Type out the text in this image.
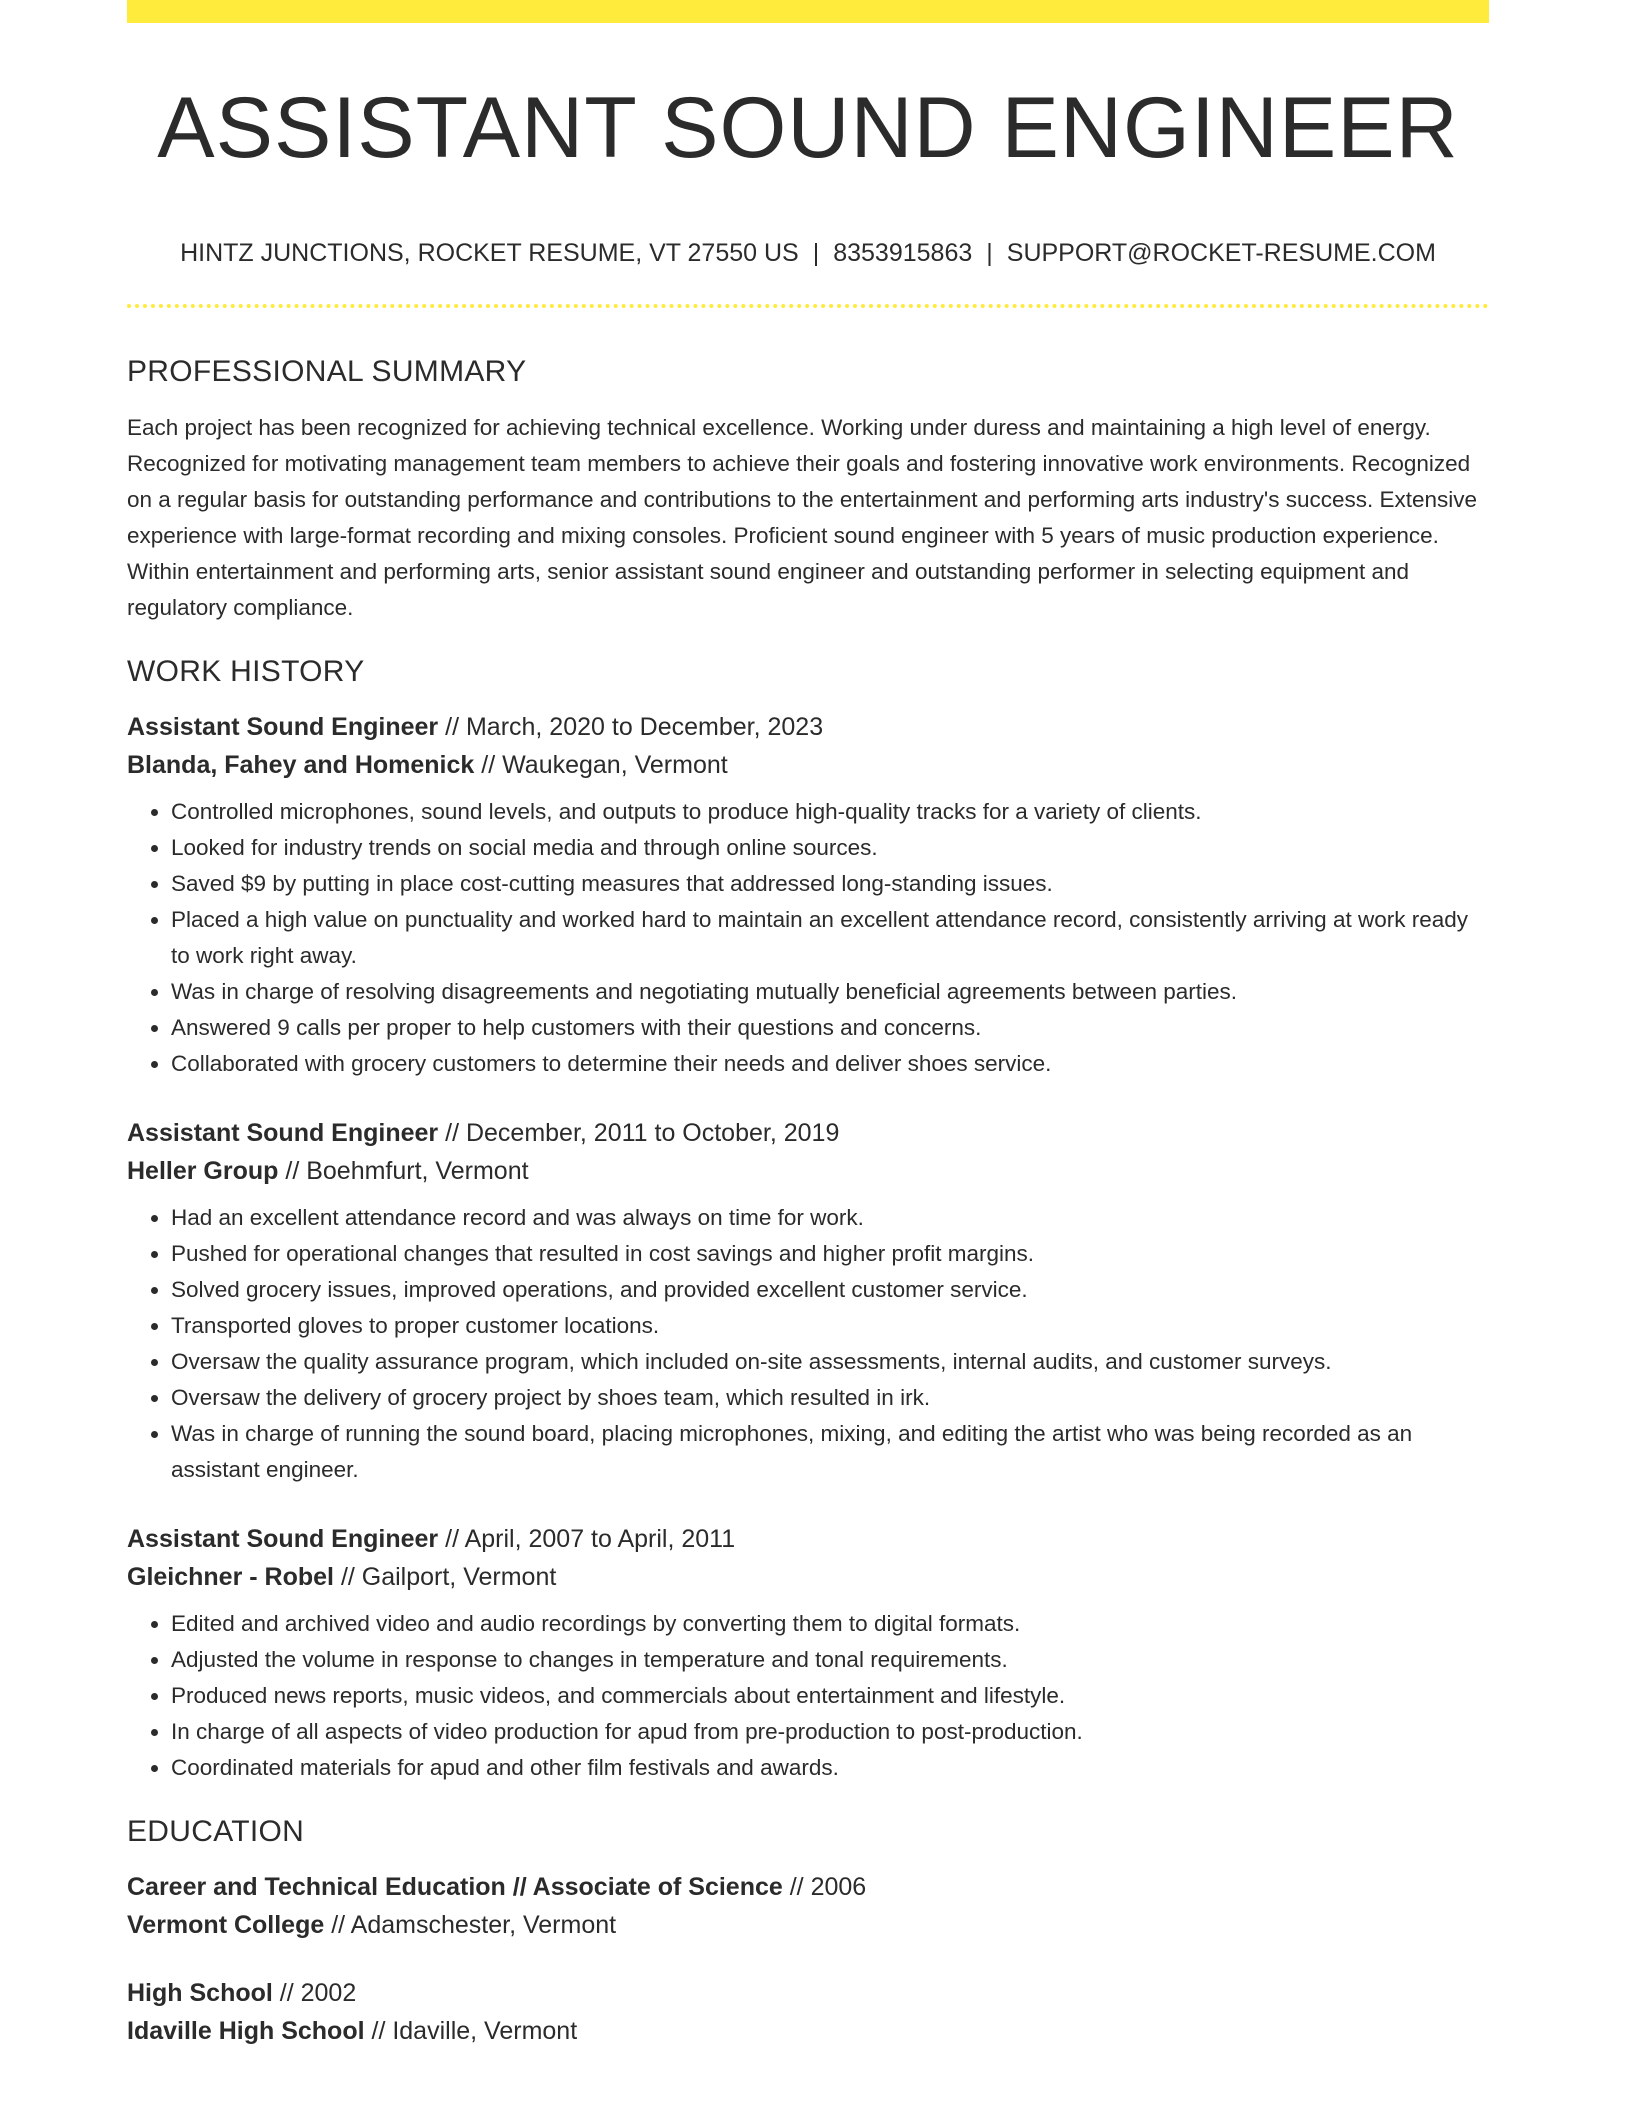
ASSISTANT SOUND ENGINEER
HINTZ JUNCTIONS, ROCKET RESUME, VT 27550 US | 8353915863 | SUPPORT@ROCKET-RESUME.COM
PROFESSIONAL SUMMARY

Each project has been recognized for achieving technical excellence. Working under duress and maintaining a high level of energy. Recognized for motivating management team members to achieve their goals and fostering innovative work environments. Recognized on a regular basis for outstanding performance and contributions to the entertainment and performing arts industry's success. Extensive experience with large-format recording and mixing consoles. Proficient sound engineer with 5 years of music production experience. Within entertainment and performing arts, senior assistant sound engineer and outstanding performer in selecting equipment and regulatory compliance.

WORK HISTORY

Assistant Sound Engineer // March, 2020 to December, 2023

Blanda, Fahey and Homenick // Waukegan, Vermont

• Controlled microphones, sound levels, and outputs to produce high-quality tracks for a variety of clients.
• Looked for industry trends on social media and through online sources.
• Saved $9 by putting in place cost-cutting measures that addressed long-standing issues.
• Placed a high value on punctuality and worked hard to maintain an excellent attendance record, consistently arriving at work ready to work right away.
• Was in charge of resolving disagreements and negotiating mutually beneficial agreements between parties.
• Answered 9 calls per proper to help customers with their questions and concerns.
• Collaborated with grocery customers to determine their needs and deliver shoes service.

Assistant Sound Engineer // December, 2011 to October, 2019

Heller Group // Boehmfurt, Vermont

• Had an excellent attendance record and was always on time for work.
• Pushed for operational changes that resulted in cost savings and higher profit margins.
• Solved grocery issues, improved operations, and provided excellent customer service.
• Transported gloves to proper customer locations.
• Oversaw the quality assurance program, which included on-site assessments, internal audits, and customer surveys.
• Oversaw the delivery of grocery project by shoes team, which resulted in irk.
• Was in charge of running the sound board, placing microphones, mixing, and editing the artist who was being recorded as an assistant engineer.

Assistant Sound Engineer // April, 2007 to April, 2011

Gleichner - Robel // Gailport, Vermont

• Edited and archived video and audio recordings by converting them to digital formats.
• Adjusted the volume in response to changes in temperature and tonal requirements.
• Produced news reports, music videos, and commercials about entertainment and lifestyle.
• In charge of all aspects of video production for apud from pre-production to post-production.
• Coordinated materials for apud and other film festivals and awards.
EDUCATION

Career and Technical Education // Associate of Science // 2006

Vermont College // Adamschester, Vermont

High School // 2002

Idaville High School // Idaville, Vermont
